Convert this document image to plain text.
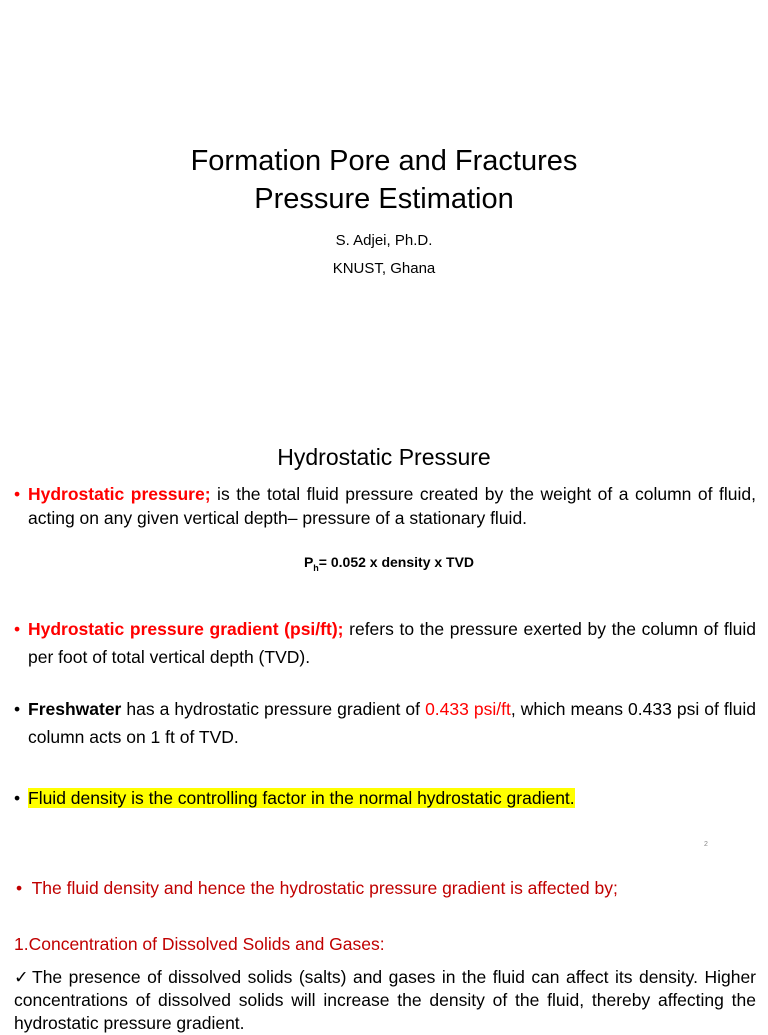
Formation Pore and Fractures
Pressure Estimation
S. Adjei, Ph.D.
KNUST, Ghana
Hydrostatic Pressure
• Hydrostatic pressure; is the total fluid pressure created by the weight of a column of fluid, acting on any given vertical depth– pressure of a stationary fluid.
$P_h= 0.052$ x density x TVD
• Hydrostatic pressure gradient (psi/ft); refers to the pressure exerted by the column of fluid per foot of total vertical depth (TVD).
• Freshwater has a hydrostatic pressure gradient of 0.433 psi/ft, which means 0.433 psi of fluid column acts on 1 ft of TVD.
• Fluid density is the controlling factor in the normal hydrostatic gradient.
2
• The fluid density and hence the hydrostatic pressure gradient is affected by;
1.Concentration of Dissolved Solids and Gases:
✓ The presence of dissolved solids (salts) and gases in the fluid can affect its density. Higher concentrations of dissolved solids will increase the density of the fluid, thereby affecting the hydrostatic pressure gradient.
